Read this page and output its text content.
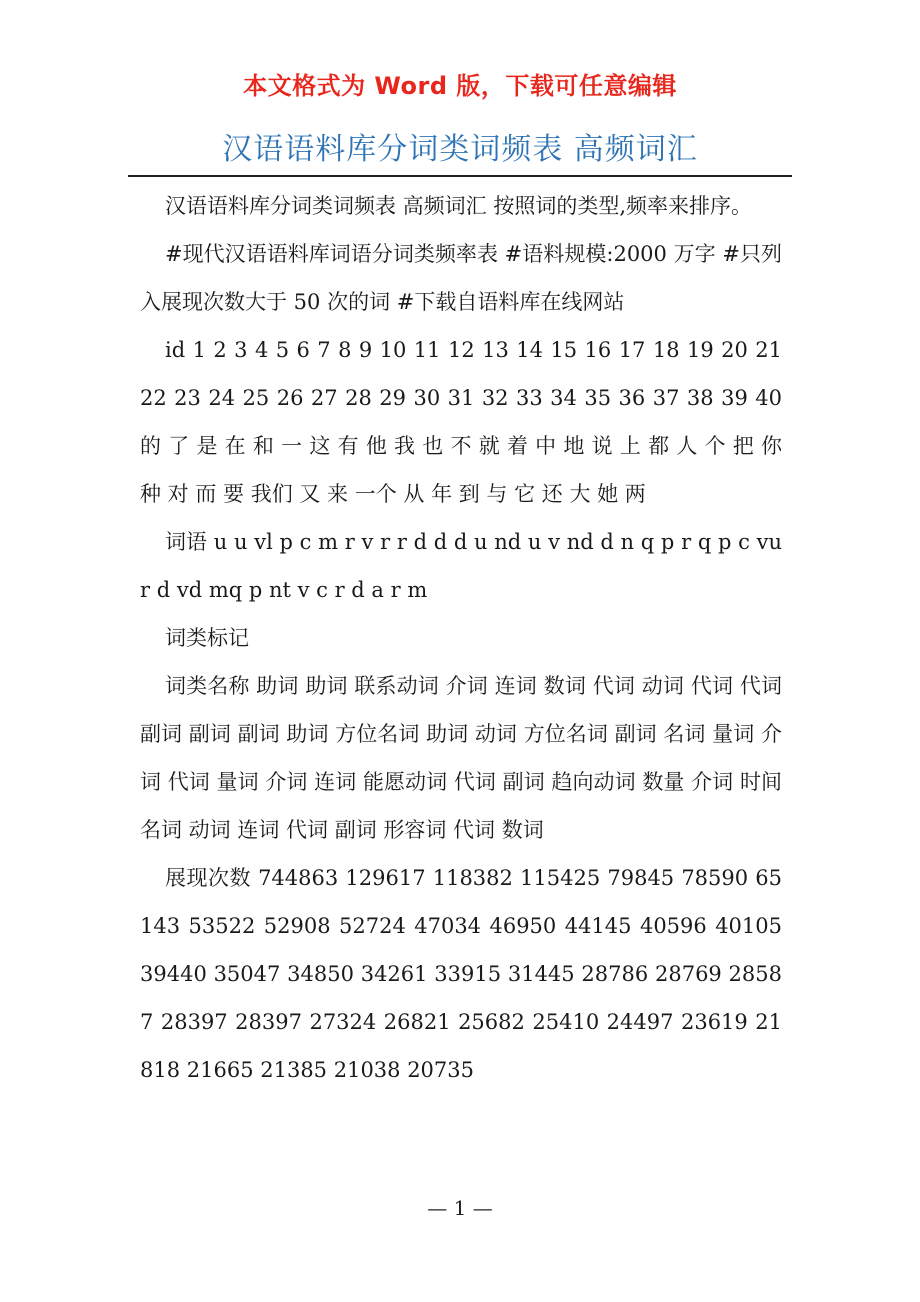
本文格式为 Word 版，下载可任意编辑
汉语语料库分词类词频表 高频词汇

汉语语料库分词类词频表 高频词汇 按照词的类型,频率来排序。

#现代汉语语料库词语分词类频率表 #语料规模:2000 万字 #只列入展现次数大于 50 次的词 #下载自语料库在线网站

id 1 2 3 4 5 6 7 8 9 10 11 12 13 14 15 16 17 18 19 20 21 22 23 24 25 26 27 28 29 30 31 32 33 34 35 36 37 38 39 40 的 了 是 在 和 一 这 有 他 我 也 不 就 着 中 地 说 上 都 人 个 把 你 种 对 而 要 我们 又 来 一个 从 年 到 与 它 还 大 她 两

词语 u u vl p c m r v r r d d d u nd u v nd d n q p r q p c vu r d vd mq p nt v c r d a r m

词类标记

词类名称 助词 助词 联系动词 介词 连词 数词 代词 动词 代词 代词 副词 副词 副词 助词 方位名词 助词 动词 方位名词 副词 名词 量词 介词 代词 量词 介词 连词 能愿动词 代词 副词 趋向动词 数量 介词 时间名词 动词 连词 代词 副词 形容词 代词 数词

展现次数 744863 129617 118382 115425 79845 78590 65143 53522 52908 52724 47034 46950 44145 40596 40105 39440 35047 34850 34261 33915 31445 28786 28769 28587 28397 28397 27324 26821 25682 25410 24497 23619 21818 21665 21385 21038 20735

— 1 —
